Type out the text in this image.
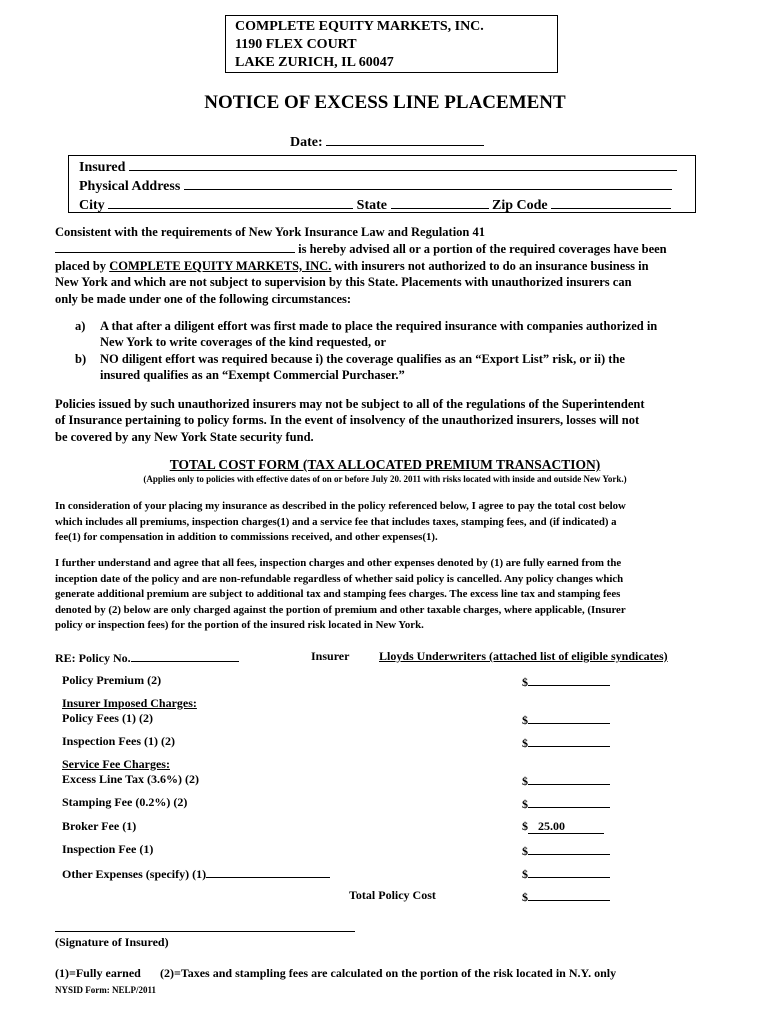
COMPLETE EQUITY MARKETS, INC.
1190 FLEX COURT
LAKE ZURICH, IL 60047
NOTICE OF EXCESS LINE PLACEMENT
Date:
Insured
Physical Address
City	State	Zip Code
Consistent with the requirements of New York Insurance Law and Regulation 41
is hereby advised all or a portion of the required coverages have been
placed by COMPLETE EQUITY MARKETS, INC. with insurers not authorized to do an insurance business in
New York and which are not subject to supervision by this State. Placements with unauthorized insurers can
only be made under one of the following circumstances:
a)	A that after a diligent effort was first made to place the required insurance with companies authorized in
New York to write coverages of the kind requested, or
b)	NO diligent effort was required because i) the coverage qualifies as an “Export List” risk, or ii) the
insured qualifies as an “Exempt Commercial Purchaser.”
Policies issued by such unauthorized insurers may not be subject to all of the regulations of the Superintendent
of Insurance pertaining to policy forms. In the event of insolvency of the unauthorized insurers, losses will not
be covered by any New York State security fund.
TOTAL COST FORM (TAX ALLOCATED PREMIUM TRANSACTION)
(Applies only to policies with effective dates of on or before July 20. 2011 with risks located with inside and outside New York.)
In consideration of your placing my insurance as described in the policy referenced below, I agree to pay the total cost below
which includes all premiums, inspection charges(1) and a service fee that includes taxes, stamping fees, and (if indicated) a
fee(1) for compensation in addition to commissions received, and other expenses(1).
I further understand and agree that all fees, inspection charges and other expenses denoted by (1) are fully earned from the
inception date of the policy and are non-refundable regardless of whether said policy is cancelled. Any policy changes which
generate additional premium are subject to additional tax and stamping fees charges. The excess line tax and stamping fees
denoted by (2) below are only charged against the portion of premium and other taxable charges, where applicable, (Insurer
policy or inspection fees) for the portion of the insured risk located in New York.
RE: Policy No.	Insurer Lloyds Underwriters (attached list of eligible syndicates)
Policy Premium (2)	$
Insurer Imposed Charges:
Policy Fees (1) (2)	$
Inspection Fees (1) (2)	$
Service Fee Charges:
Excess Line Tax (3.6%) (2)	$
Stamping Fee (0.2%) (2)	$
Broker Fee (1)	$ 25.00
Inspection Fee (1)	$
Other Expenses (specify) (1)	$
Total Policy Cost	$
(Signature of Insured)
(1)=Fully earned (2)=Taxes and stampling fees are calculated on the portion of the risk located in N.Y. only
NYSID Form: NELP/2011
